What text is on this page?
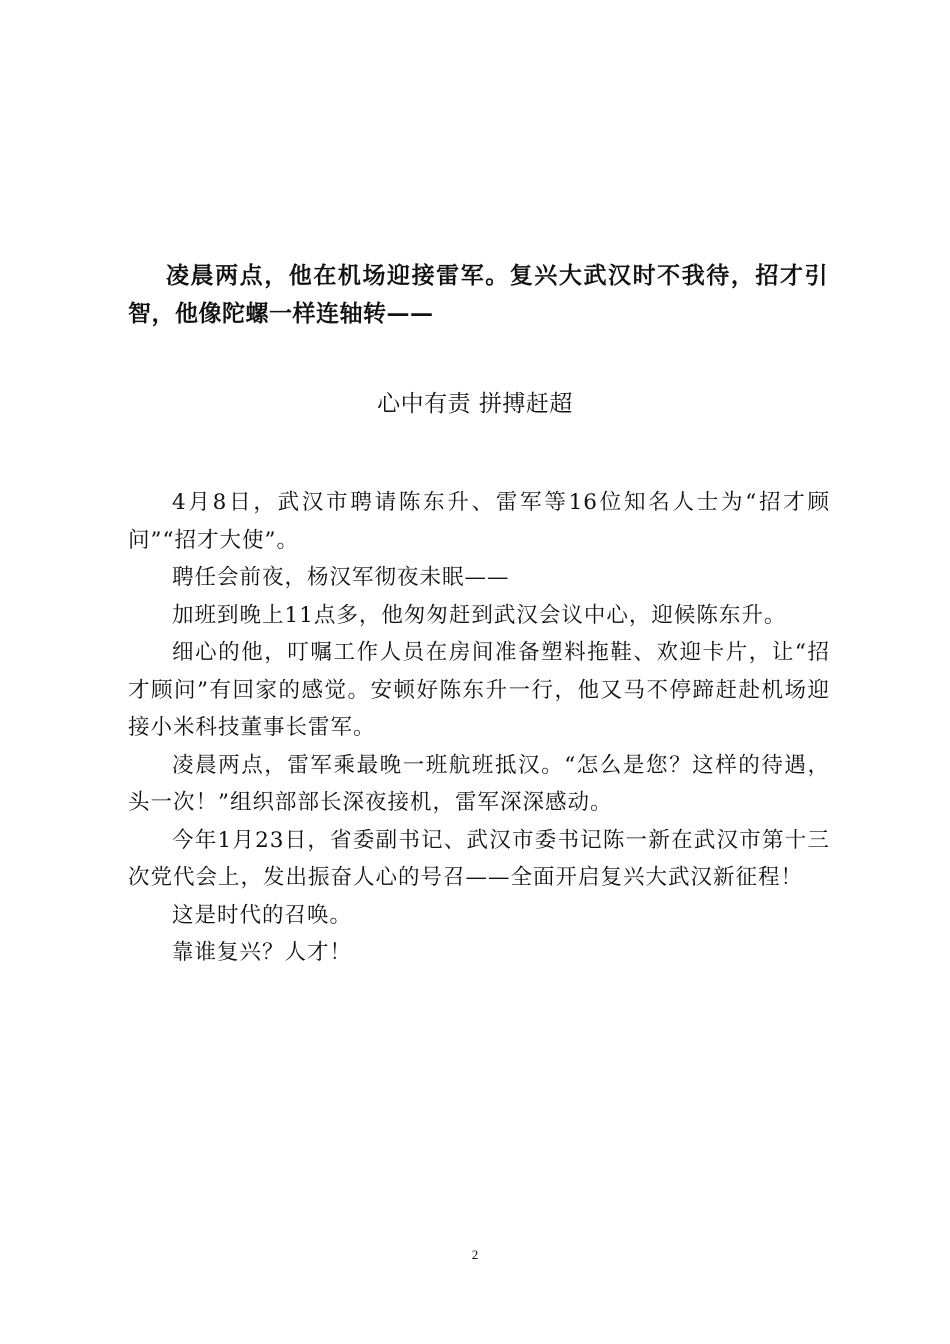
凌晨两点，他在机场迎接雷军。复兴大武汉时不我待，招才引智，他像陀螺一样连轴转——

心中有责 拼搏赶超

4月8日，武汉市聘请陈东升、雷军等16位知名人士为“招才顾问”“招才大使”。

聘任会前夜，杨汉军彻夜未眠——

加班到晚上11点多，他匆匆赶到武汉会议中心，迎候陈东升。

细心的他，叮嘱工作人员在房间准备塑料拖鞋、欢迎卡片，让“招才顾问”有回家的感觉。安顿好陈东升一行，他又马不停蹄赶赴机场迎接小米科技董事长雷军。

凌晨两点，雷军乘最晚一班航班抵汉。“怎么是您？这样的待遇，头一次！”组织部部长深夜接机，雷军深深感动。

今年1月23日，省委副书记、武汉市委书记陈一新在武汉市第十三次党代会上，发出振奋人心的号召——全面开启复兴大武汉新征程！

这是时代的召唤。

靠谁复兴？人才！

2
